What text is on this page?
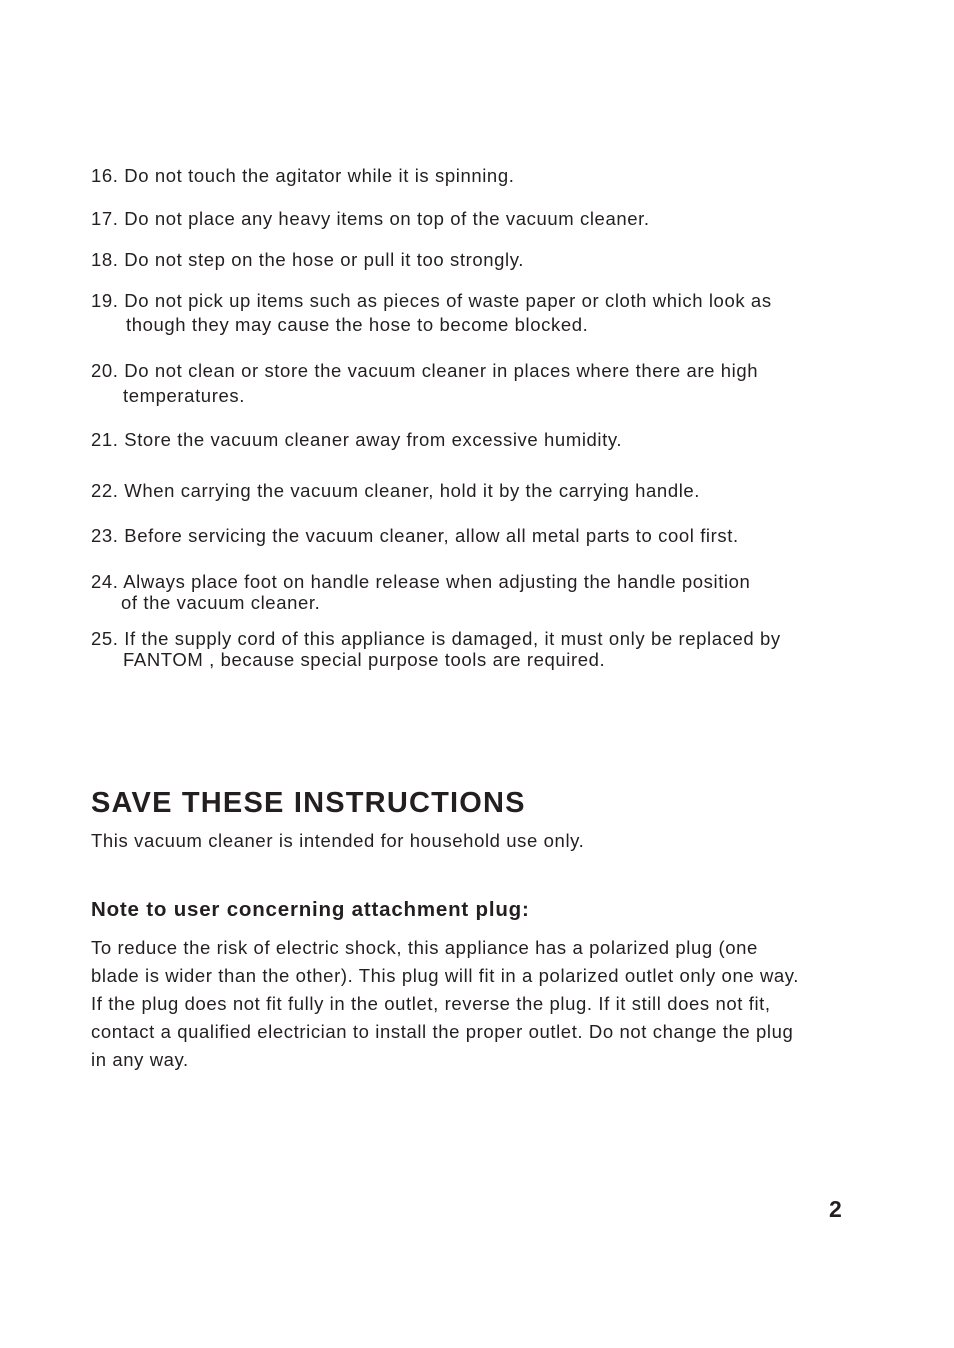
16. Do not touch the agitator while it is spinning.
17. Do not place any heavy items on top of the vacuum cleaner.
18. Do not step on the hose or pull it too strongly.
19. Do not pick up items such as pieces of waste paper or cloth which look as
though they may cause the hose to become blocked.
20. Do not clean or store the vacuum cleaner in places where there are high
temperatures.
21. Store the vacuum cleaner away from excessive humidity.
22. When carrying the vacuum cleaner, hold it by the carrying handle.
23. Before servicing the vacuum cleaner, allow all metal parts to cool first.
24. Always place foot on handle release when adjusting the handle position
of the vacuum cleaner.
25. If the supply cord of this appliance is damaged, it must only be replaced by
FANTOM , because special purpose tools are required.
SAVE THESE INSTRUCTIONS
This vacuum cleaner is intended for household use only.
Note to user concerning attachment plug:
To reduce the risk of electric shock, this appliance has a polarized plug (one blade is wider than the other). This plug will fit in a polarized outlet only one way. If the plug does not fit fully in the outlet, reverse the plug. If it still does not fit, contact a qualified electrician to install the proper outlet. Do not change the plug in any way.
2
